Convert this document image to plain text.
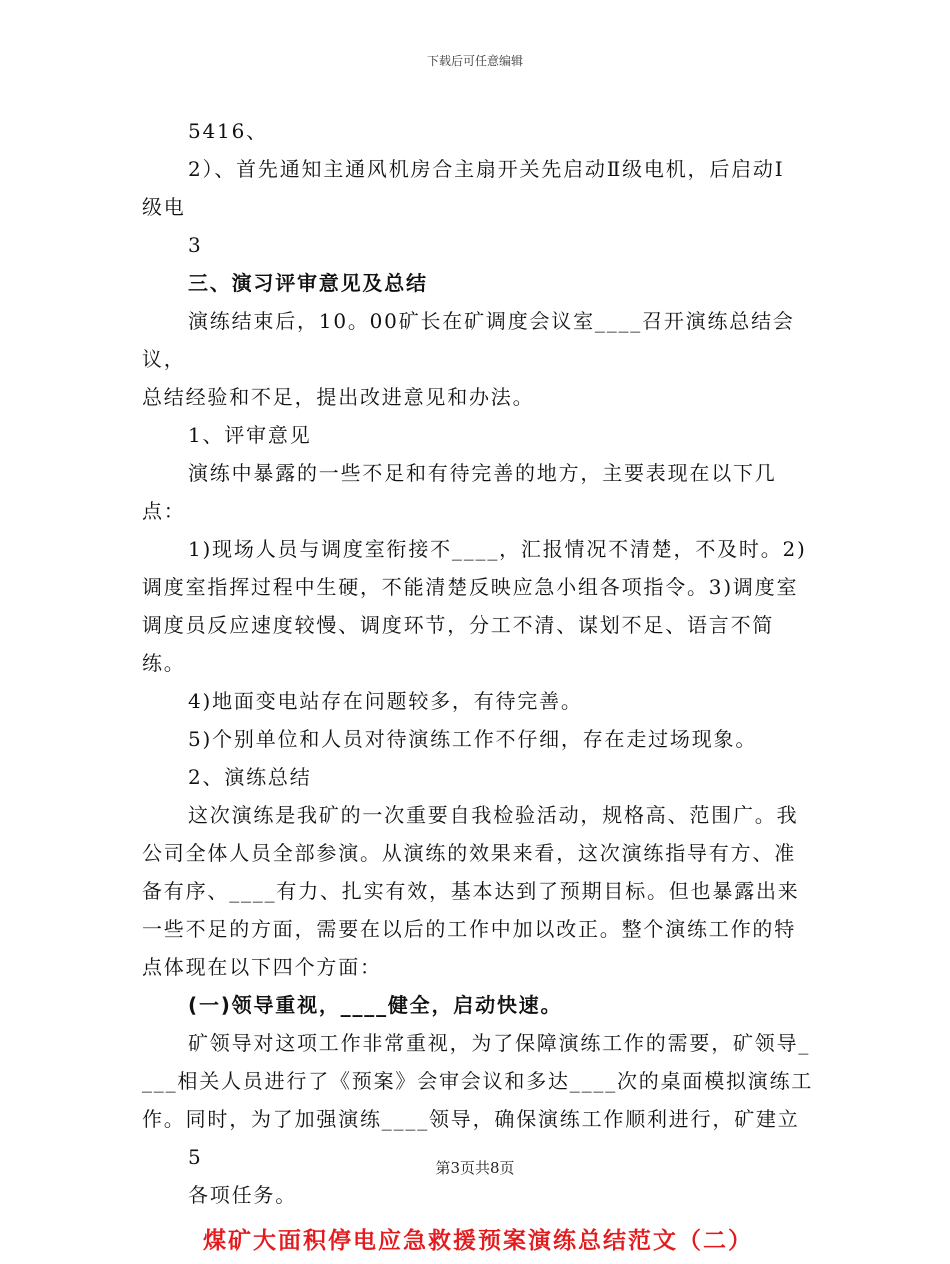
下载后可任意编辑

5416、

2）、首先通知主通风机房合主扇开关先启动Ⅱ级电机，后启动Ⅰ

级电

3

三、演习评审意见及总结

演练结束后，10。00矿长在矿调度会议室____召开演练总结会议，

总结经验和不足，提出改进意见和办法。

1、评审意见

演练中暴露的一些不足和有待完善的地方，主要表现在以下几点：

1)现场人员与调度室衔接不____，汇报情况不清楚，不及时。2)

调度室指挥过程中生硬，不能清楚反映应急小组各项指令。3)调度室

调度员反应速度较慢、调度环节，分工不清、谋划不足、语言不简练。

4)地面变电站存在问题较多，有待完善。

5)个别单位和人员对待演练工作不仔细，存在走过场现象。

2、演练总结

这次演练是我矿的一次重要自我检验活动，规格高、范围广。我

公司全体人员全部参演。从演练的效果来看，这次演练指导有方、准

备有序、____有力、扎实有效，基本达到了预期目标。但也暴露出来

一些不足的方面，需要在以后的工作中加以改正。整个演练工作的特

点体现在以下四个方面：

(一)领导重视，____健全，启动快速。

矿领导对这项工作非常重视，为了保障演练工作的需要，矿领导_

___相关人员进行了《预案》会审会议和多达____次的桌面模拟演练工

作。同时，为了加强演练____领导，确保演练工作顺利进行，矿建立

5

各项任务。

煤矿大面积停电应急救援预案演练总结范文（二）
第3页共8页
